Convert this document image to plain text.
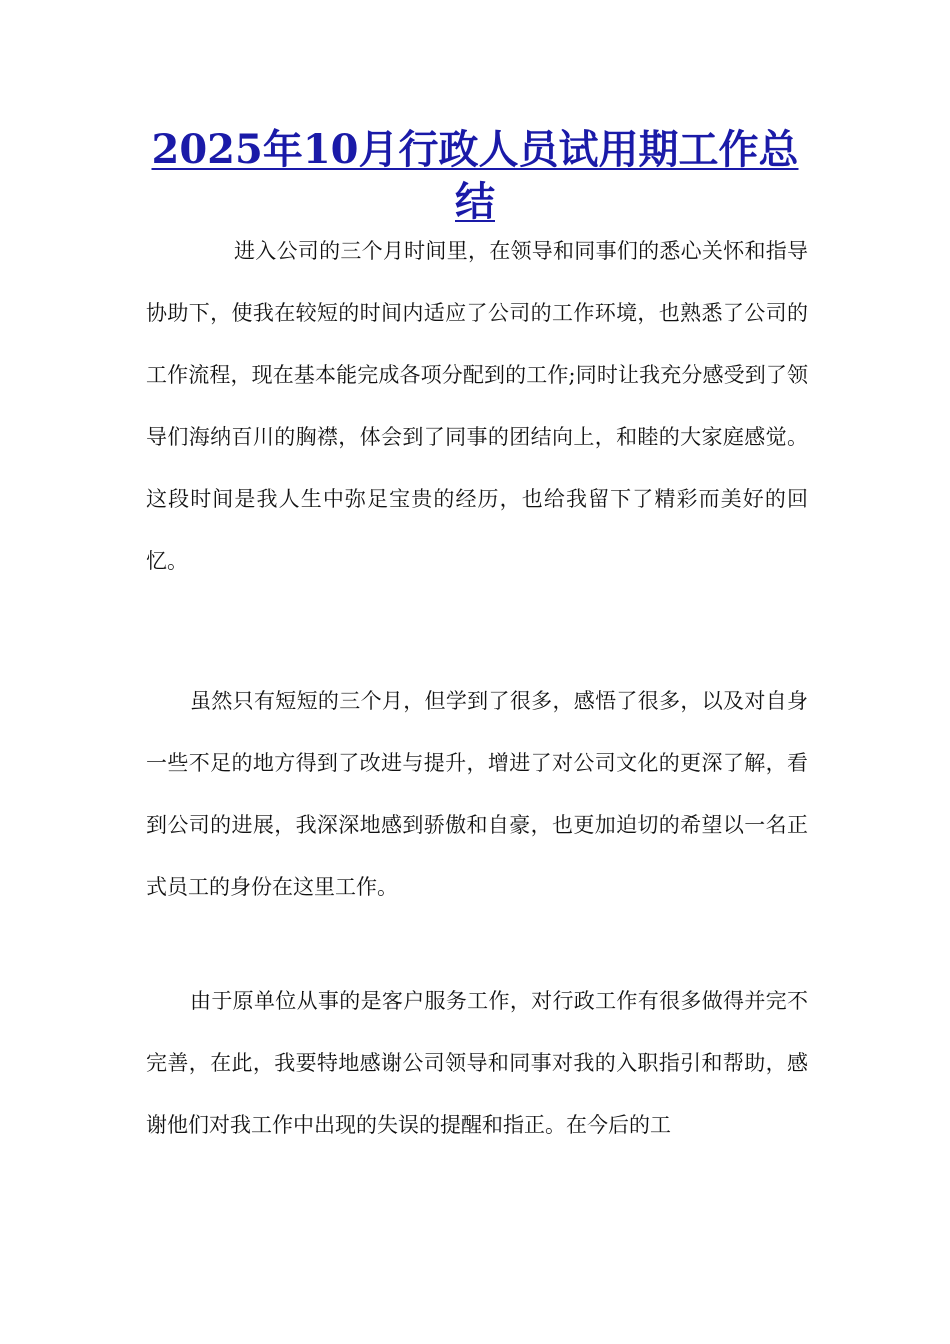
2025年10月行政人员试用期工作总结

进入公司的三个月时间里，在领导和同事们的悉心关怀和指导协助下，使我在较短的时间内适应了公司的工作环境，也熟悉了公司的工作流程，现在基本能完成各项分配到的工作;同时让我充分感受到了领导们海纳百川的胸襟，体会到了同事的团结向上，和睦的大家庭感觉。这段时间是我人生中弥足宝贵的经历，也给我留下了精彩而美好的回忆。

虽然只有短短的三个月，但学到了很多，感悟了很多，以及对自身一些不足的地方得到了改进与提升，增进了对公司文化的更深了解，看到公司的进展，我深深地感到骄傲和自豪，也更加迫切的希望以一名正式员工的身份在这里工作。

由于原单位从事的是客户服务工作，对行政工作有很多做得并完不完善，在此，我要特地感谢公司领导和同事对我的入职指引和帮助，感谢他们对我工作中出现的失误的提醒和指正。在今后的工
